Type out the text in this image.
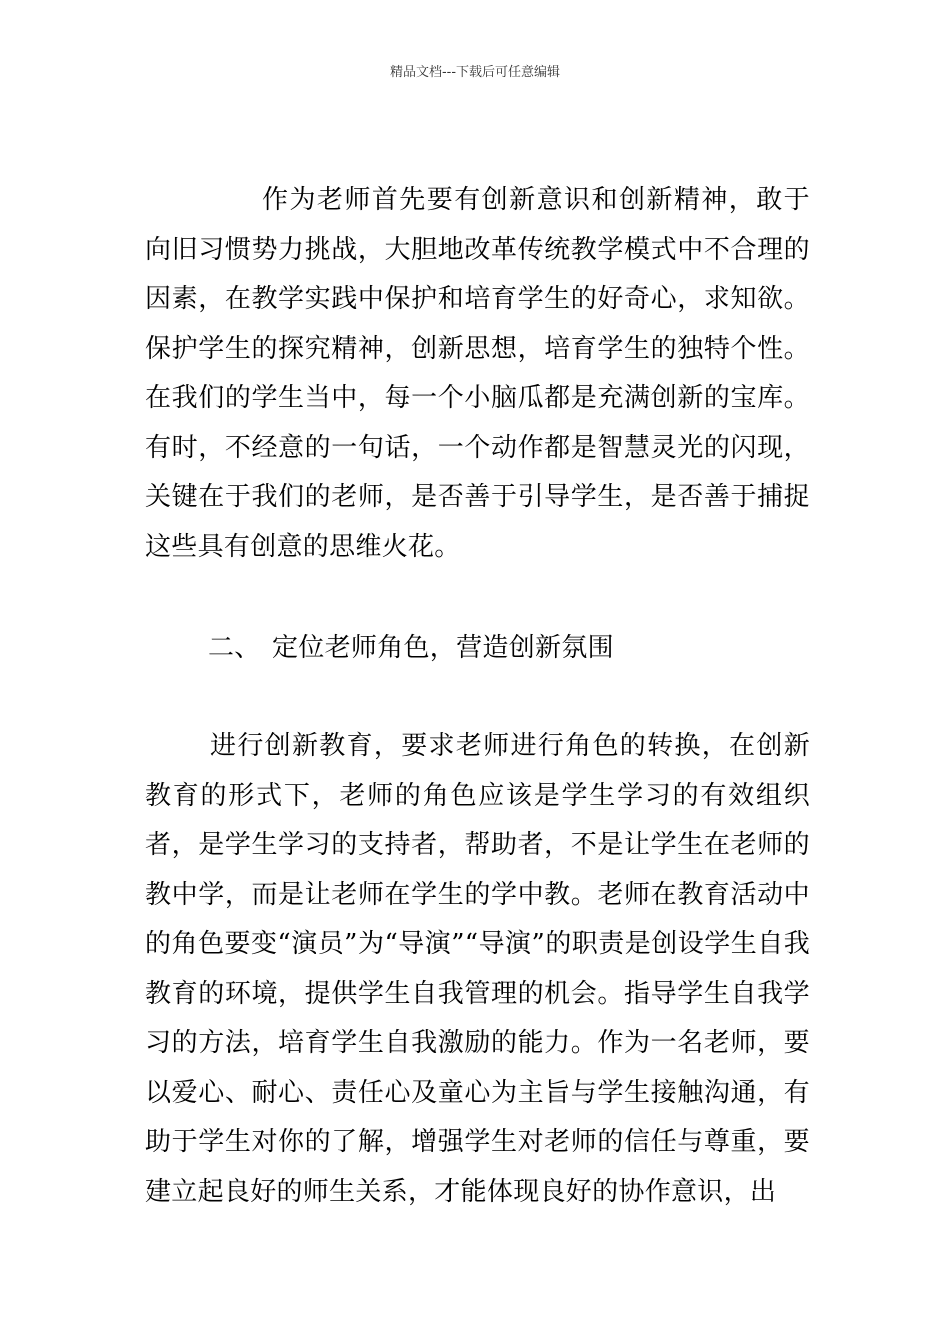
精品文档---下载后可任意编辑

作为老师首先要有创新意识和创新精神，敢于向旧习惯势力挑战，大胆地改革传统教学模式中不合理的因素，在教学实践中保护和培育学生的好奇心，求知欲。保护学生的探究精神，创新思想，培育学生的独特个性。在我们的学生当中，每一个小脑瓜都是充满创新的宝库。有时，不经意的一句话，一个动作都是智慧灵光的闪现，关键在于我们的老师，是否善于引导学生，是否善于捕捉这些具有创意的思维火花。

二、 定位老师角色，营造创新氛围

进行创新教育，要求老师进行角色的转换，在创新教育的形式下，老师的角色应该是学生学习的有效组织者，是学生学习的支持者，帮助者，不是让学生在老师的教中学，而是让老师在学生的学中教。老师在教育活动中的角色要变“演员”为“导演”“导演”的职责是创设学生自我教育的环境，提供学生自我管理的机会。指导学生自我学习的方法，培育学生自我激励的能力。作为一名老师，要以爱心、耐心、责任心及童心为主旨与学生接触沟通，有助于学生对你的了解，增强学生对老师的信任与尊重，要建立起良好的师生关系，才能体现良好的协作意识，出
